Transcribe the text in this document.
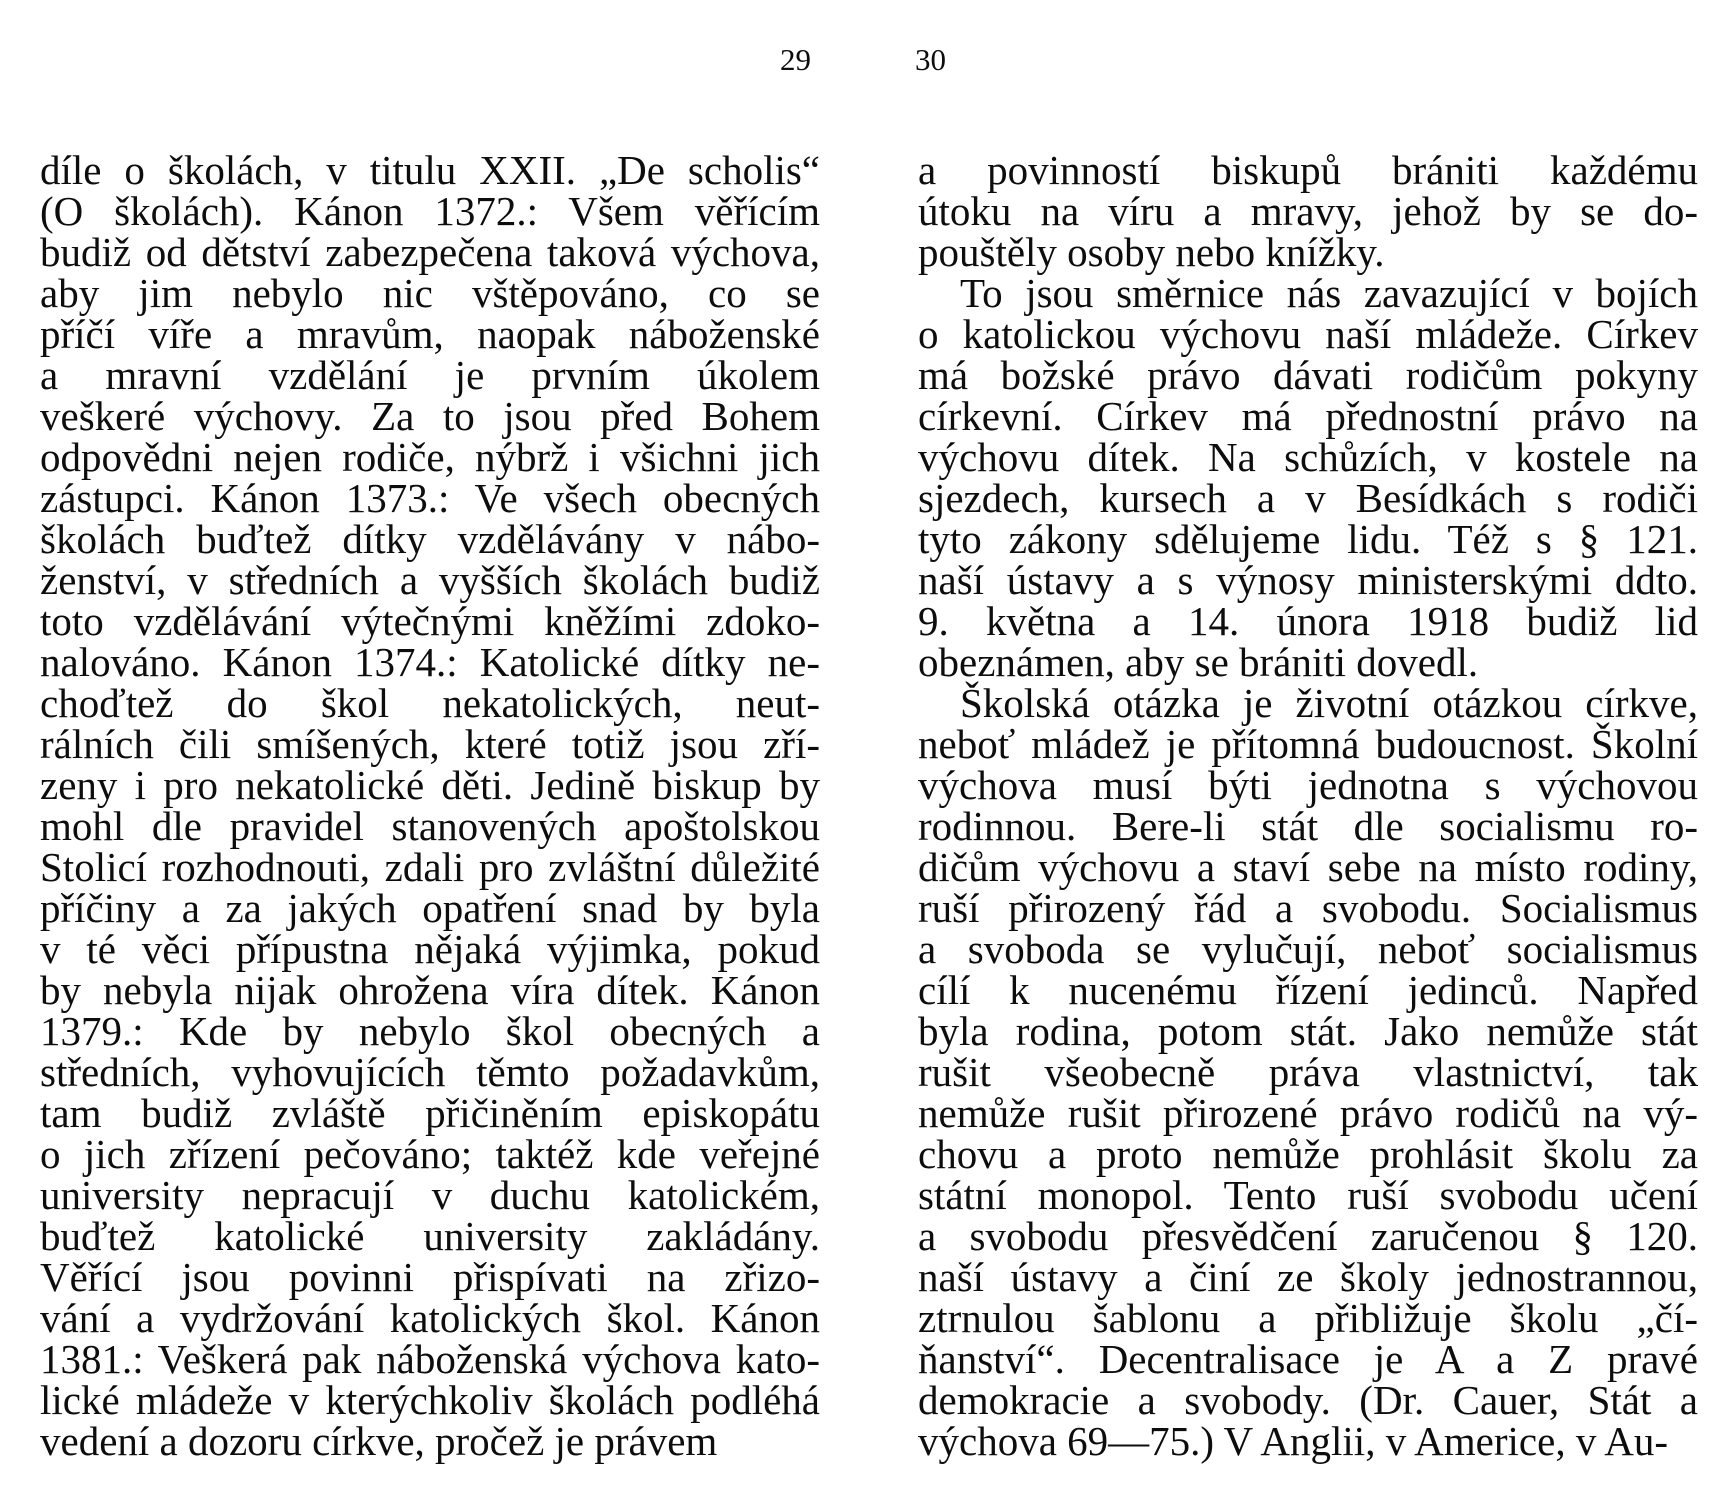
29	30
díle o školách, v titulu XXII. „De scholis“
(O školách). Kánon 1372.: Všem věřícím
budiž od dětství zabezpečena taková výchova,
aby jim nebylo nic vštěpováno, co se
příčí víře a mravům, naopak náboženské
a mravní vzdělání je prvním úkolem
veškeré výchovy. Za to jsou před Bohem
odpovědni nejen rodiče, nýbrž i všichni jich
zástupci. Kánon 1373.: Ve všech obecných
školách buďtež dítky vzdělávány v nábo-
ženství, v středních a vyšších školách budiž
toto vzdělávání výtečnými kněžími zdoko-
nalováno. Kánon 1374.: Katolické dítky ne-
choďtež do škol nekatolických, neut-
rálních čili smíšených, které totiž jsou zří-
zeny i pro nekatolické děti. Jedině biskup by
mohl dle pravidel stanovených apoštolskou
Stolicí rozhodnouti, zdali pro zvláštní důležité
příčiny a za jakých opatření snad by byla
v té věci přípustna nějaká výjimka, pokud
by nebyla nijak ohrožena víra dítek. Kánon
1379.: Kde by nebylo škol obecných a
středních, vyhovujících těmto požadavkům,
tam budiž zvláště přičiněním episkopátu
o jich zřízení pečováno; taktéž kde veřejné
university nepracují v duchu katolickém,
buďtež katolické university zakládány.
Věřící jsou povinni přispívati na zřizo-
vání a vydržování katolických škol. Kánon
1381.: Veškerá pak náboženská výchova kato-
lické mládeže v kterýchkoliv školách podléhá
vedení a dozoru církve, pročež je právem
a povinností biskupů brániti každému
útoku na víru a mravy, jehož by se do-
pouštěly osoby nebo knížky.
To jsou směrnice nás zavazující v bojích
o katolickou výchovu naší mládeže. Církev
má božské právo dávati rodičům pokyny
církevní. Církev má přednostní právo na
výchovu dítek. Na schůzích, v kostele na
sjezdech, kursech a v Besídkách s rodiči
tyto zákony sdělujeme lidu. Též s § 121.
naší ústavy a s výnosy ministerskými ddto.
9. května a 14. února 1918 budiž lid
obeznámen, aby se brániti dovedl.
Školská otázka je životní otázkou církve,
neboť mládež je přítomná budoucnost. Školní
výchova musí býti jednotna s výchovou
rodinnou. Bere-li stát dle socialismu ro-
dičům výchovu a staví sebe na místo rodiny,
ruší přirozený řád a svobodu. Socialismus
a svoboda se vylučují, neboť socialismus
cílí k nucenému řízení jedinců. Napřed
byla rodina, potom stát. Jako nemůže stát
rušit všeobecně práva vlastnictví, tak
nemůže rušit přirozené právo rodičů na vý-
chovu a proto nemůže prohlásit školu za
státní monopol. Tento ruší svobodu učení
a svobodu přesvědčení zaručenou § 120.
naší ústavy a činí ze školy jednostrannou,
ztrnulou šablonu a přibližuje školu „čí-
ňanství“. Decentralisace je A a Z pravé
demokracie a svobody. (Dr. Cauer, Stát a
výchova 69—75.) V Anglii, v Americe, v Au-
